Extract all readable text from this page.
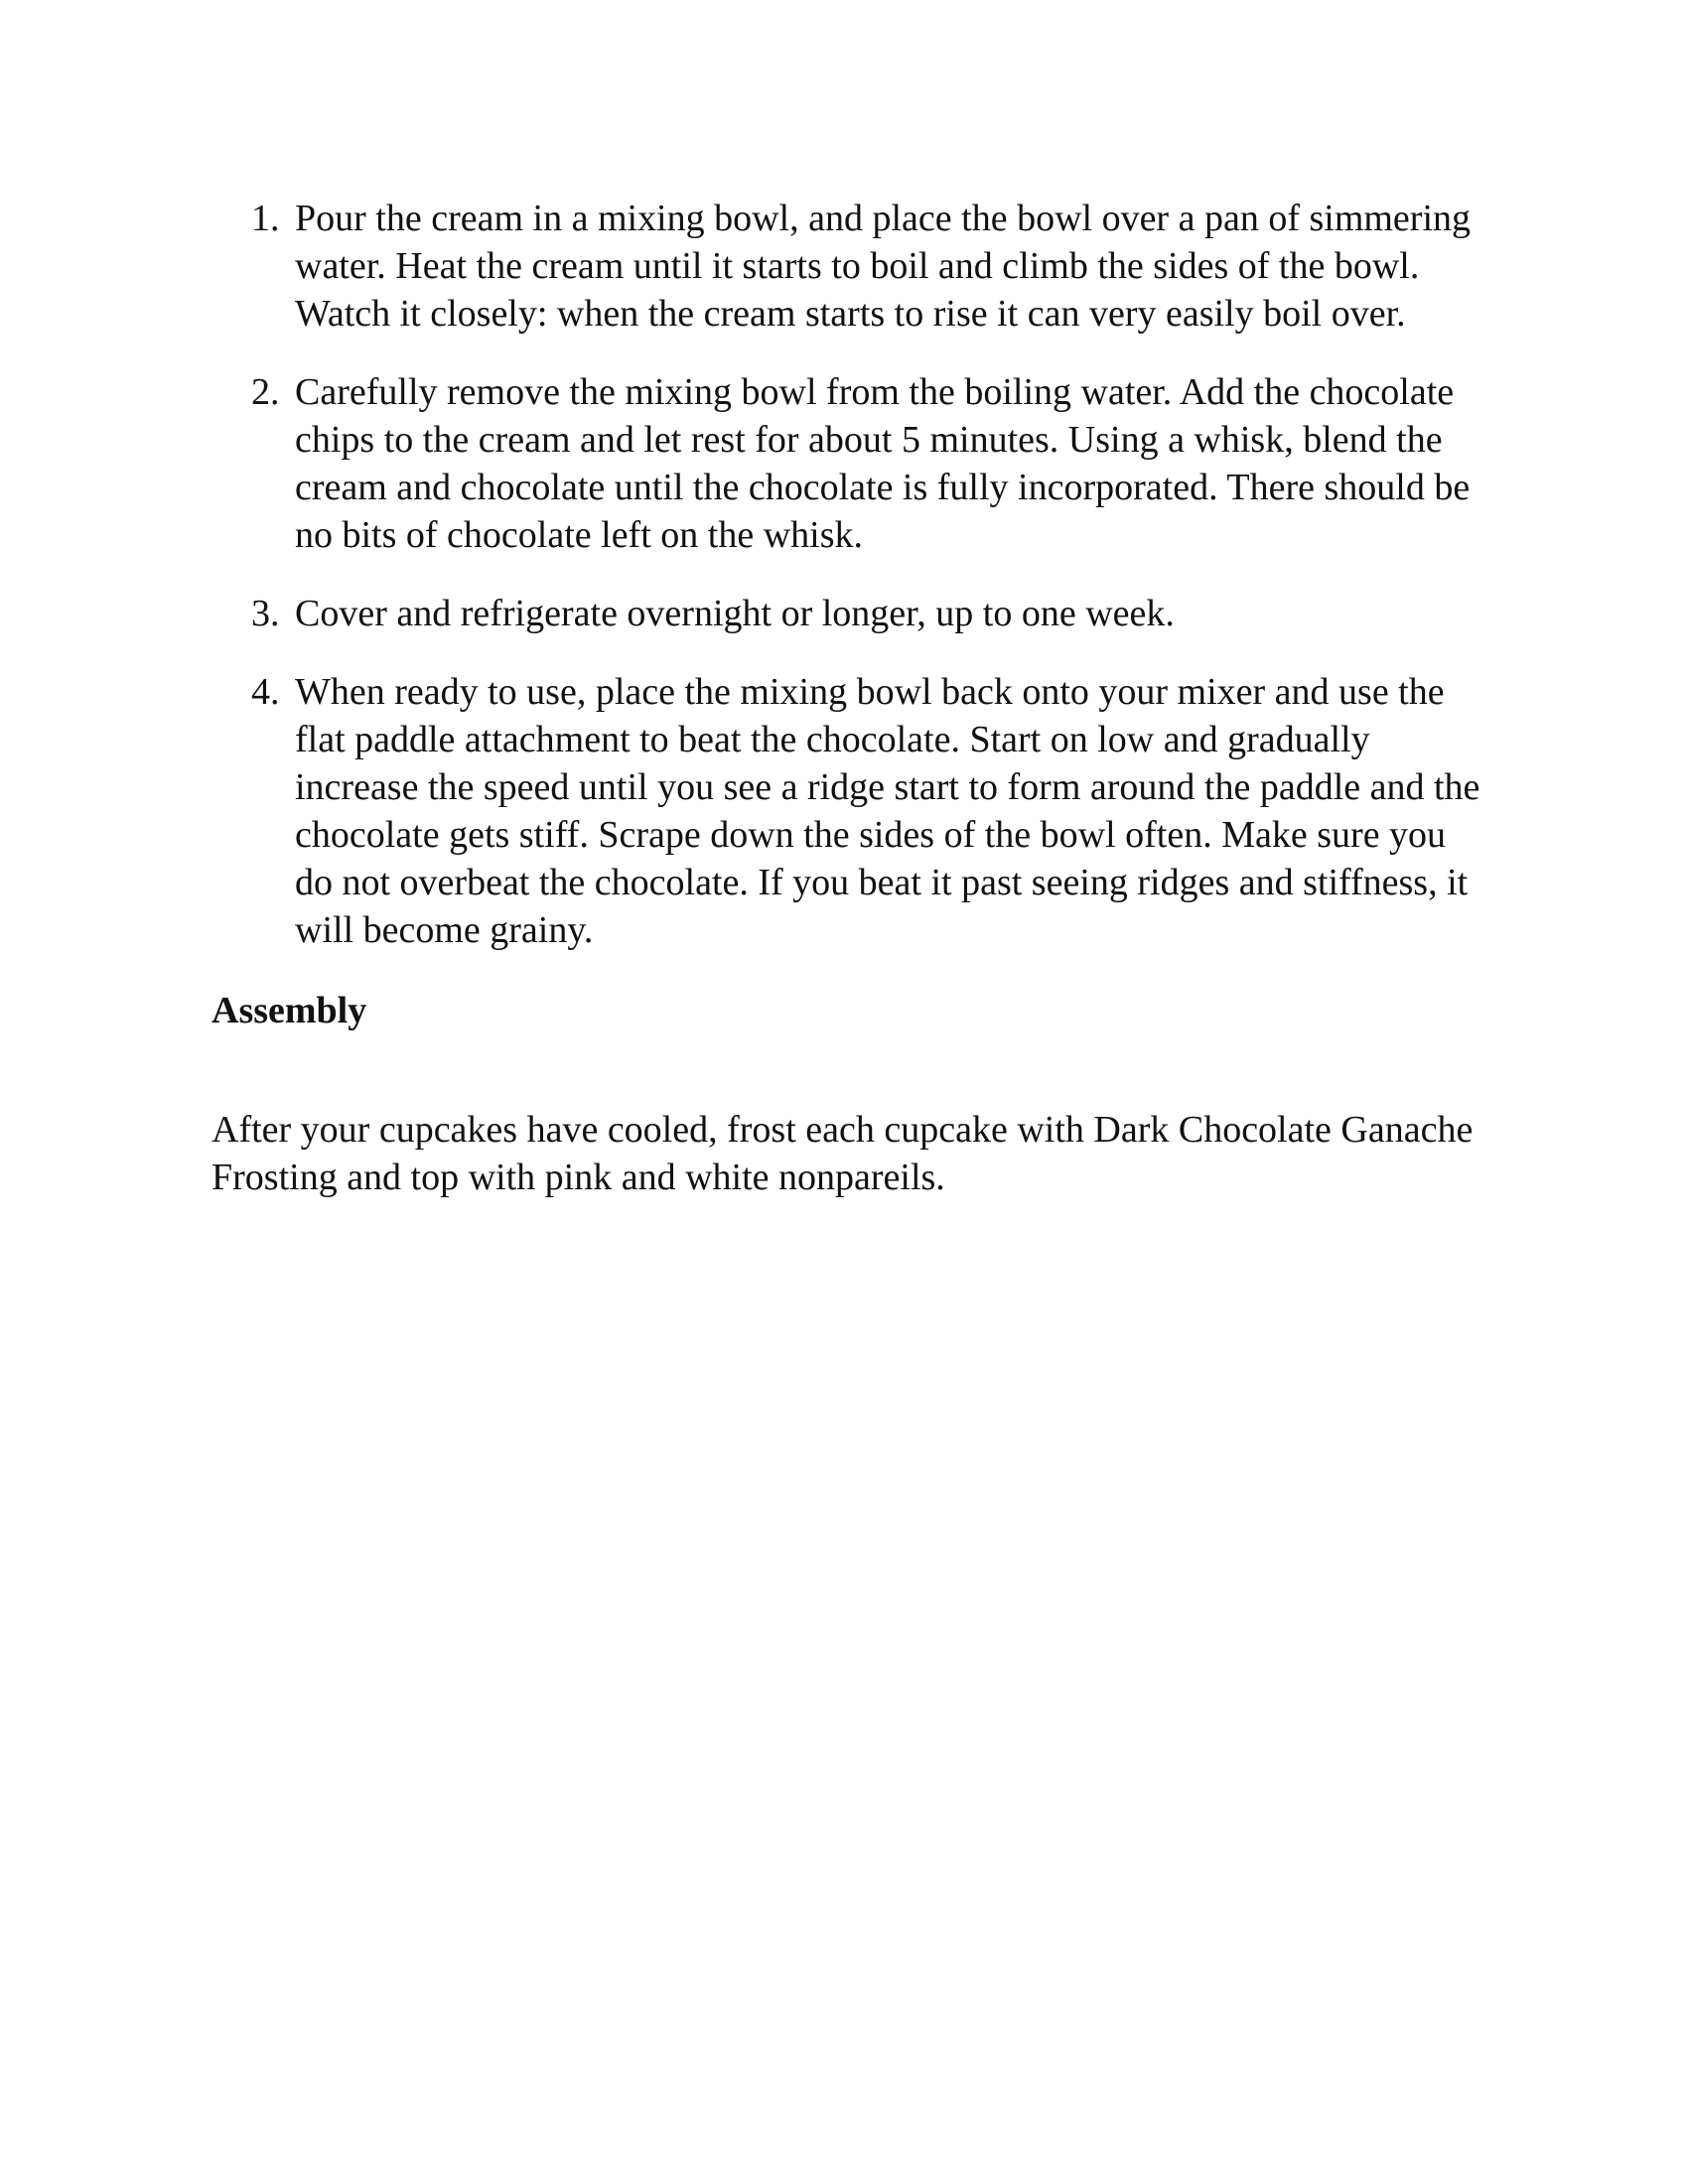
1. Pour the cream in a mixing bowl, and place the bowl over a pan of simmering water. Heat the cream until it starts to boil and climb the sides of the bowl. Watch it closely: when the cream starts to rise it can very easily boil over.
2. Carefully remove the mixing bowl from the boiling water. Add the chocolate chips to the cream and let rest for about 5 minutes. Using a whisk, blend the cream and chocolate until the chocolate is fully incorporated. There should be no bits of chocolate left on the whisk.
3. Cover and refrigerate overnight or longer, up to one week.
4. When ready to use, place the mixing bowl back onto your mixer and use the flat paddle attachment to beat the chocolate. Start on low and gradually increase the speed until you see a ridge start to form around the paddle and the chocolate gets stiff. Scrape down the sides of the bowl often. Make sure you do not overbeat the chocolate. If you beat it past seeing ridges and stiffness, it will become grainy.
Assembly
After your cupcakes have cooled, frost each cupcake with Dark Chocolate Ganache Frosting and top with pink and white nonpareils.
